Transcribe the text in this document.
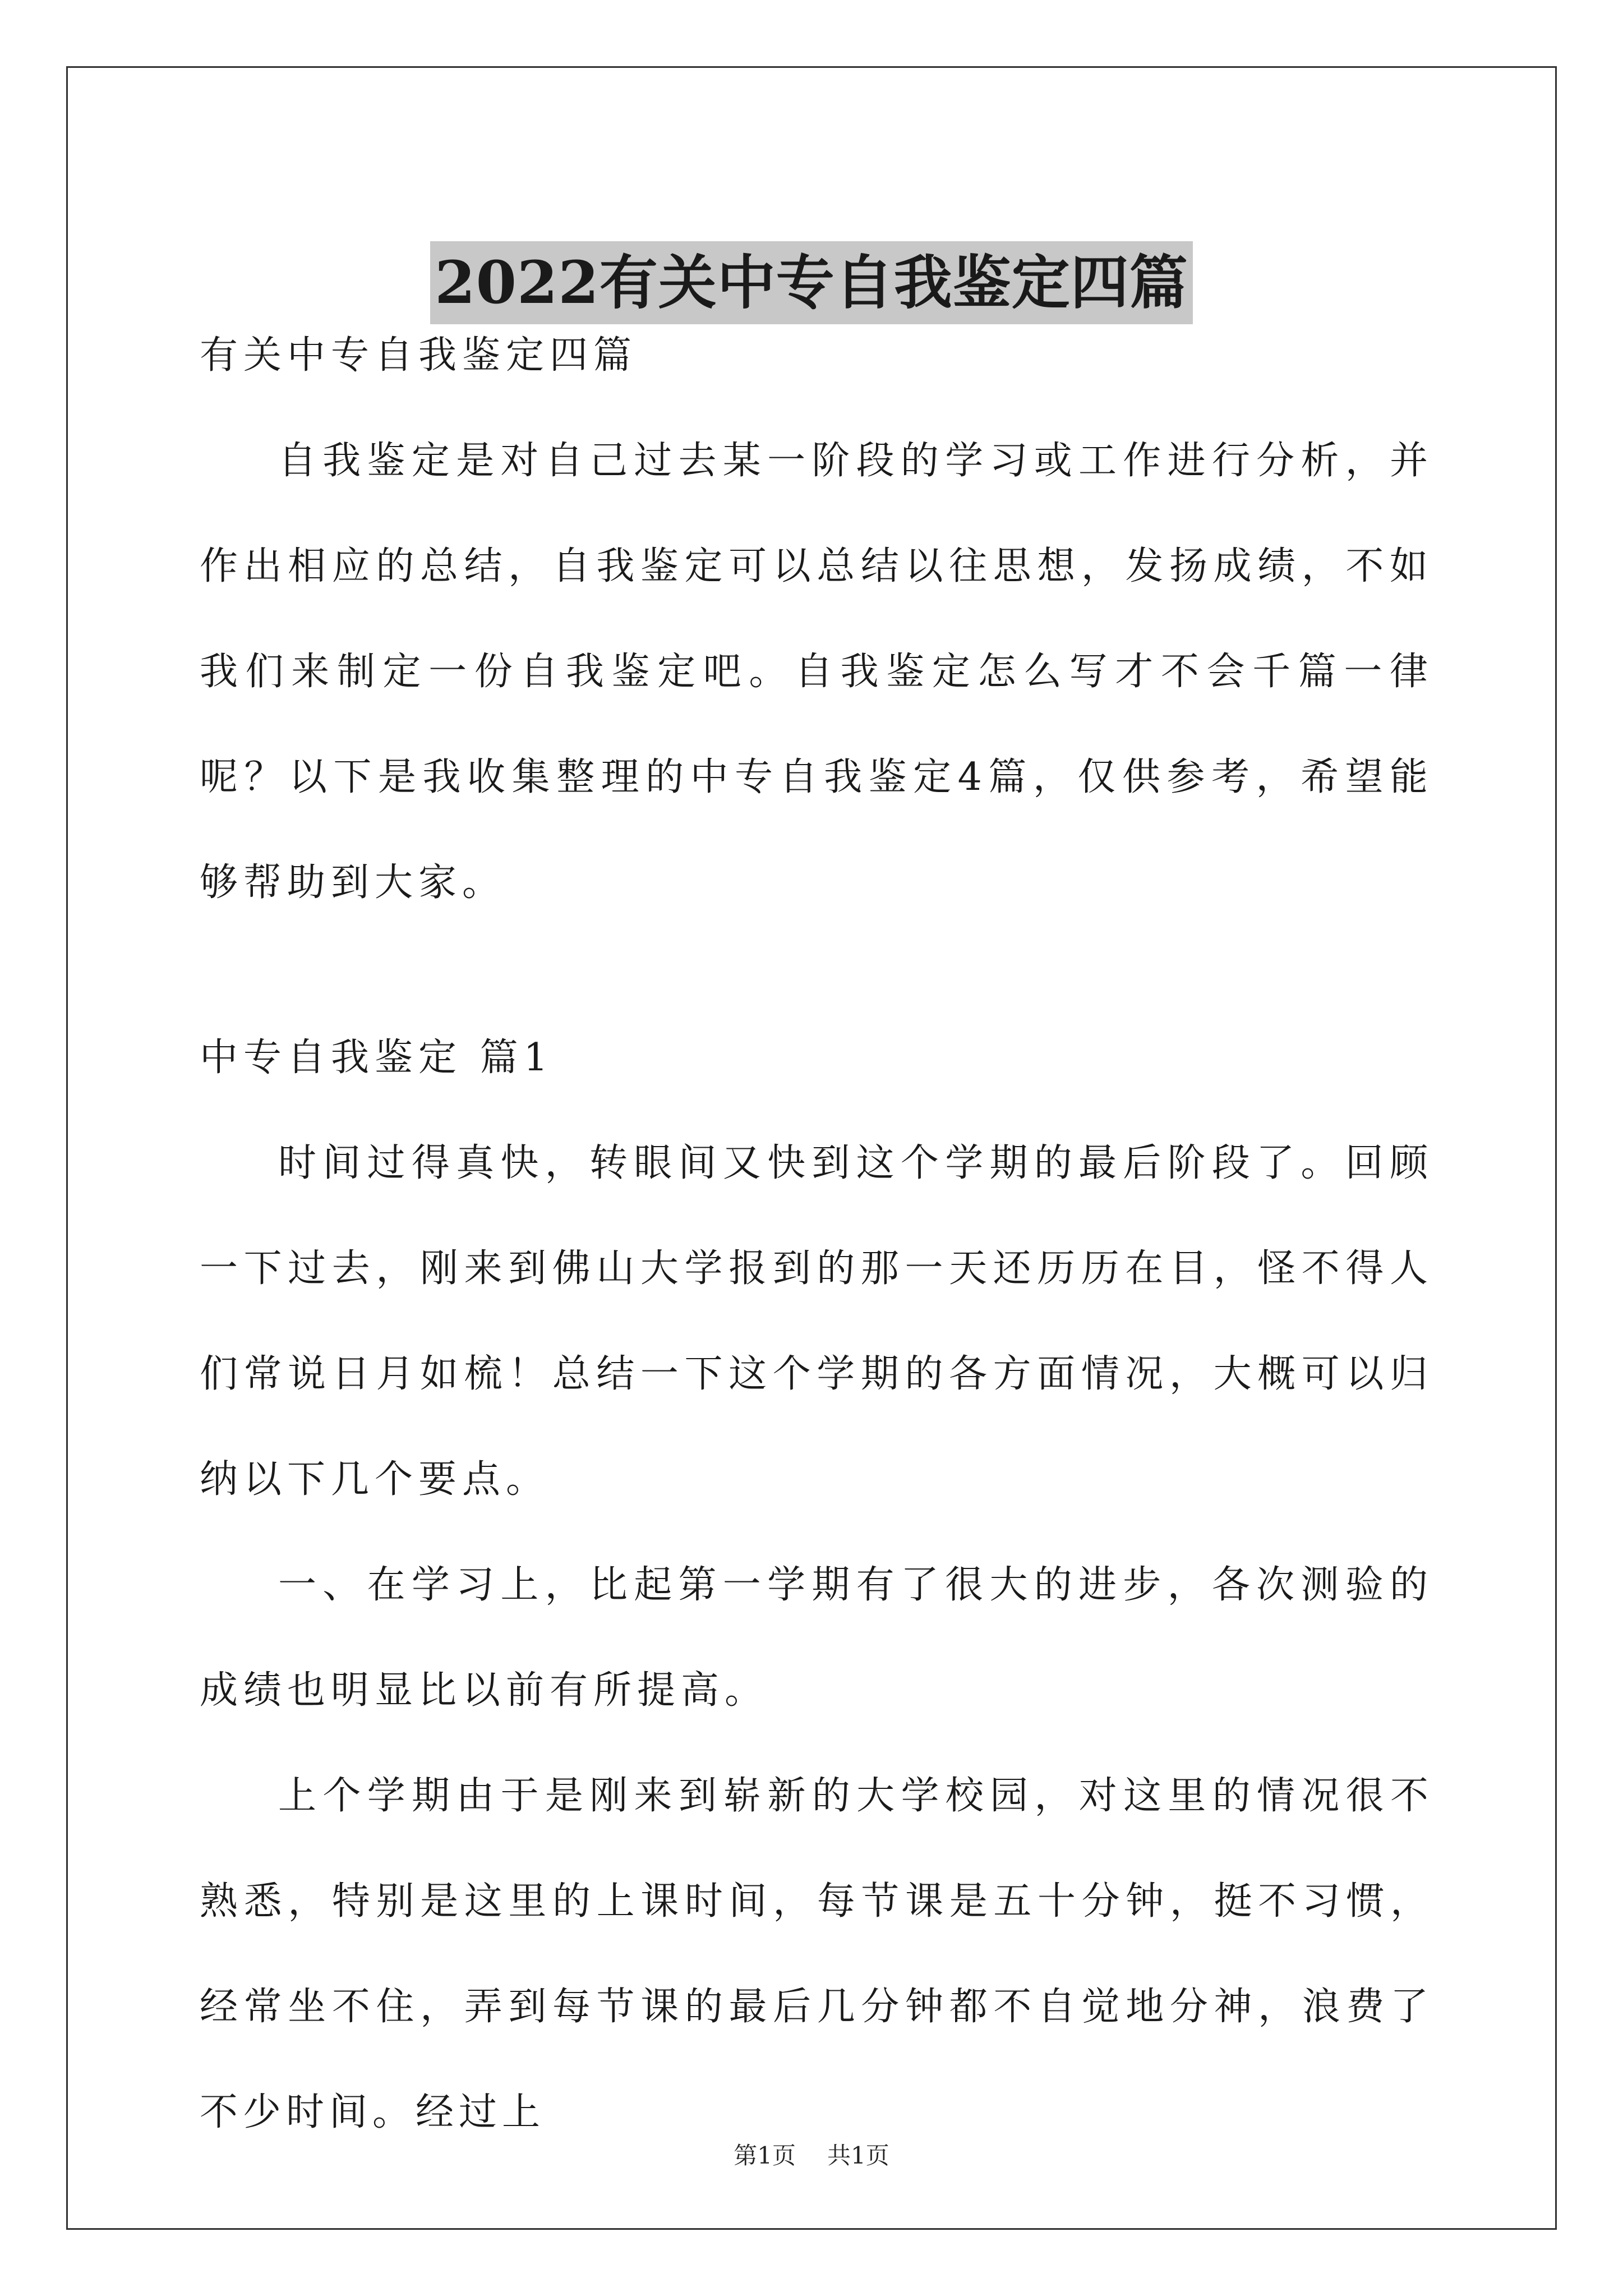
2022有关中专自我鉴定四篇

有关中专自我鉴定四篇

自我鉴定是对自己过去某一阶段的学习或工作进行分析，并作出相应的总结，自我鉴定可以总结以往思想，发扬成绩，不如我们来制定一份自我鉴定吧。自我鉴定怎么写才不会千篇一律呢？以下是我收集整理的中专自我鉴定4篇，仅供参考，希望能够帮助到大家。

中专自我鉴定 篇1

时间过得真快，转眼间又快到这个学期的最后阶段了。回顾一下过去，刚来到佛山大学报到的那一天还历历在目，怪不得人们常说日月如梳！总结一下这个学期的各方面情况，大概可以归纳以下几个要点。

一、在学习上，比起第一学期有了很大的进步，各次测验的成绩也明显比以前有所提高。

上个学期由于是刚来到崭新的大学校园，对这里的情况很不熟悉，特别是这里的上课时间，每节课是五十分钟，挺不习惯，经常坐不住，弄到每节课的最后几分钟都不自觉地分神，浪费了不少时间。经过上

第1页 共1页
